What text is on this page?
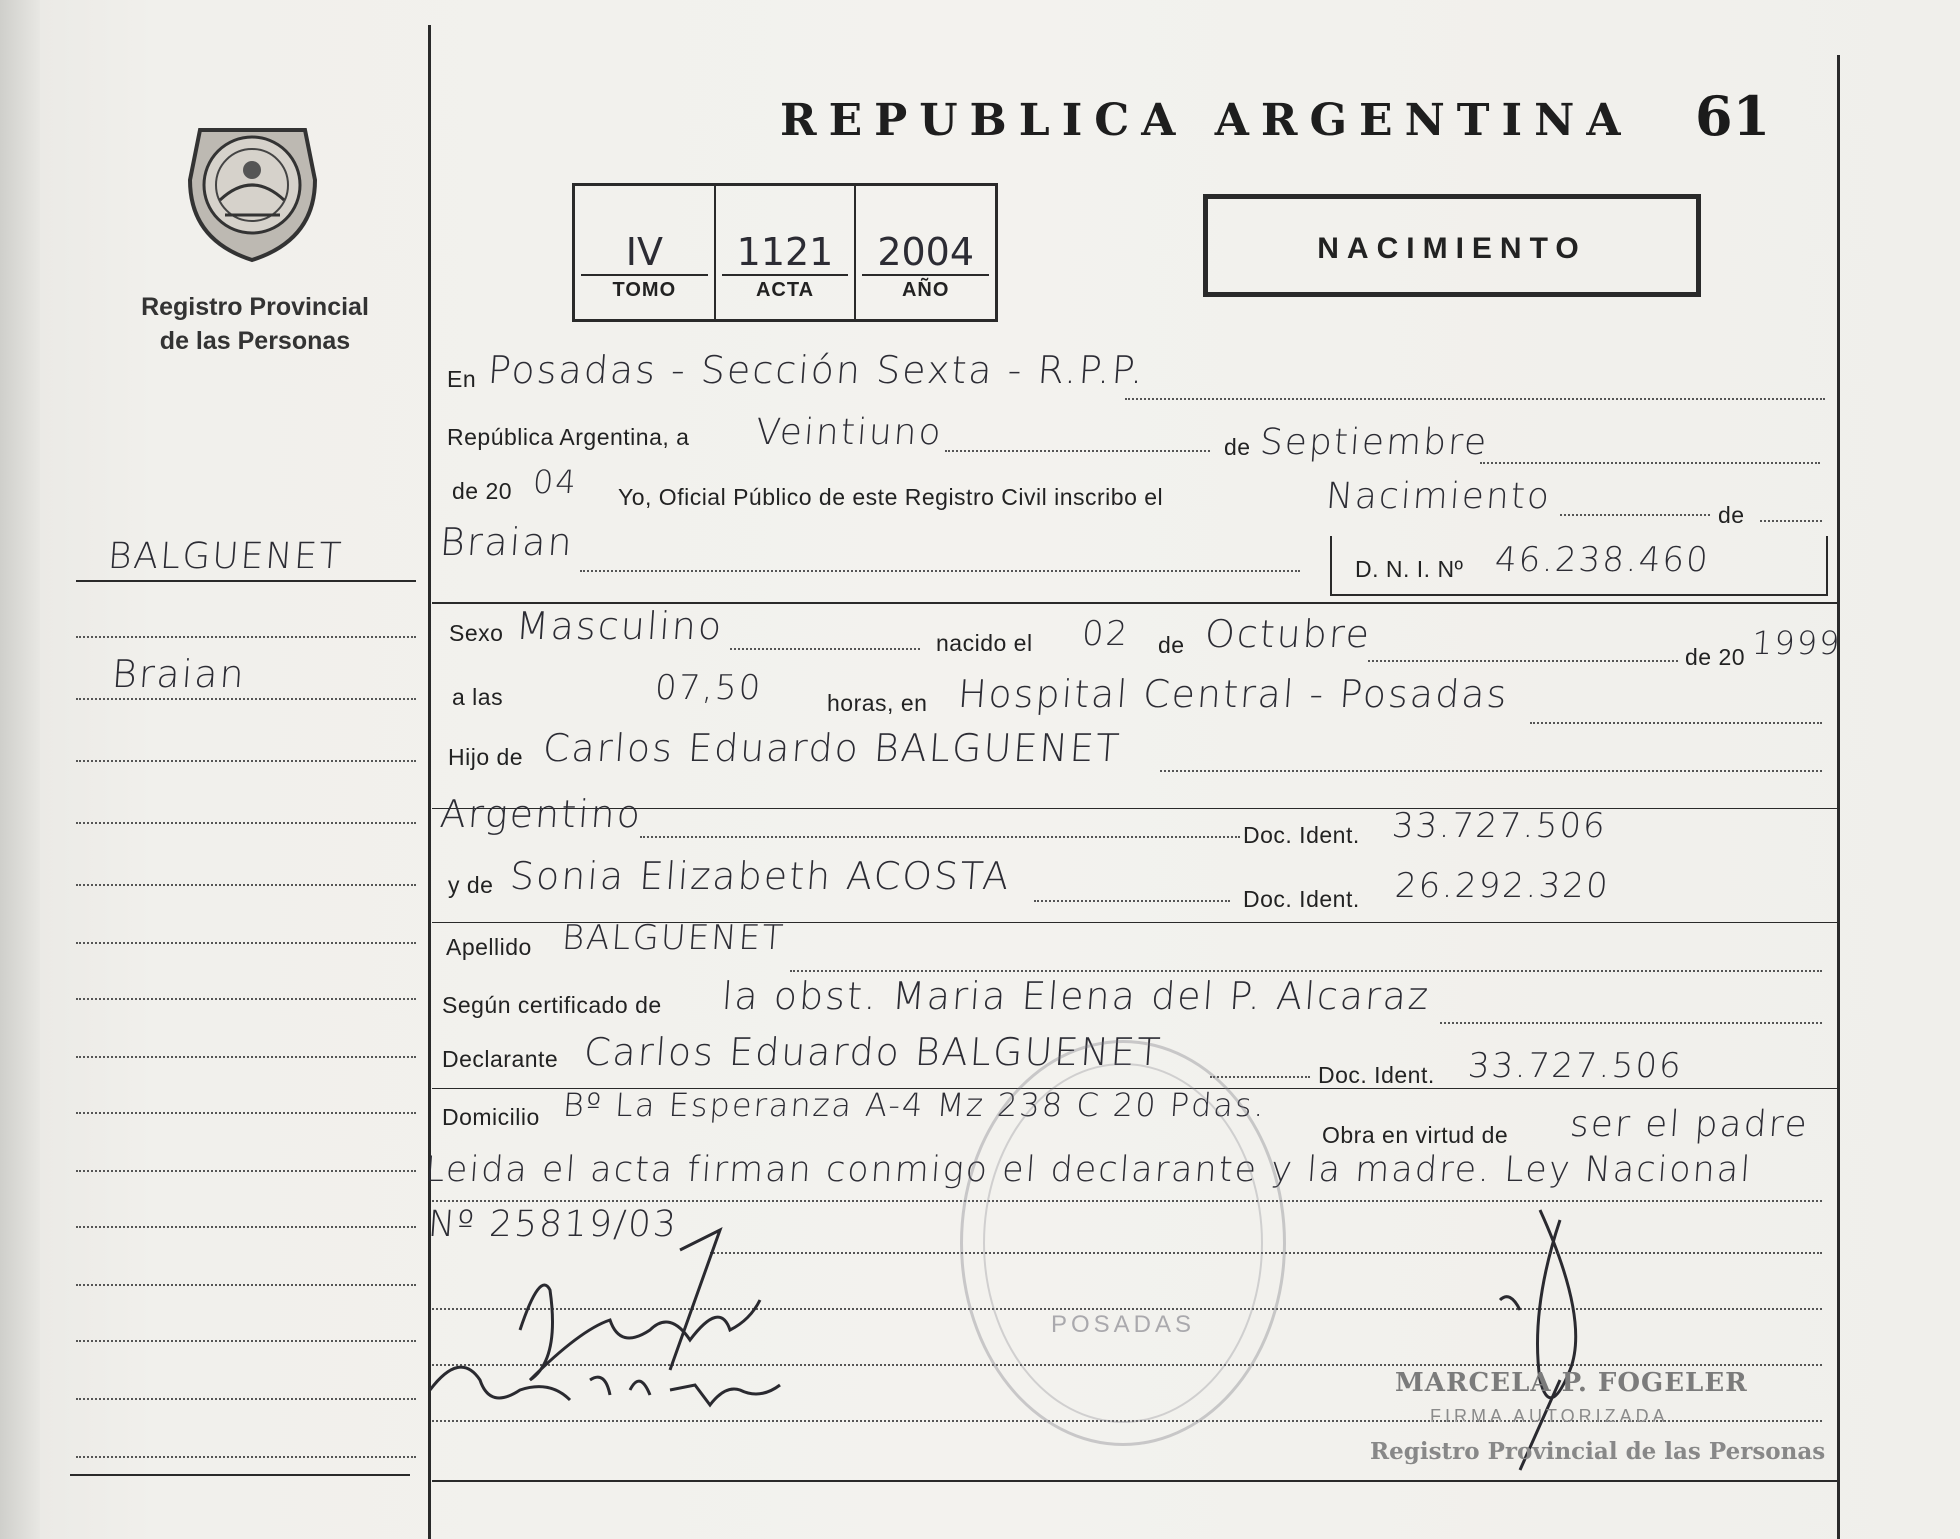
Registro Provincial
de las Personas
REPUBLICA ARGENTINA 61
IV
TOMO
1121
ACTA
2004
AÑO
NACIMIENTO
BALGUENET
Braian
En Posadas - Sección Sexta - R.P.P.
República Argentina, a Veintiuno	de Septiembre
de 20 04 Yo, Oficial Público de este Registro Civil inscribo el	Nacimiento	de
Braian
D. N. I. Nº 46.238.460
Sexo Masculino	nacido el 02 de Octubre
de 20 1999
a las	07,50	horas, en Hospital Central - Posadas
Hijo de Carlos Eduardo BALGUENET
Argentino	Doc. Ident. 33.727.506
y de Sonia Elizabeth ACOSTA
Doc. Ident. 26.292.320
Apellido BALGUENET
Según certificado de la obst. Maria Elena del P. Alcaraz
Declarante Carlos Eduardo BALGUENET
Doc. Ident. 33.727.506
Domicilio Bº La Esperanza A-4 Mz 238 C 20 Pdas.
Obra en virtud de ser el padre
Leida el acta firman conmigo el declarante y la madre. Ley Nacional
Nº 25819/03
POSADAS
MARCELA P. FOGELER
FIRMA AUTORIZADA
Registro Provincial de las Personas
